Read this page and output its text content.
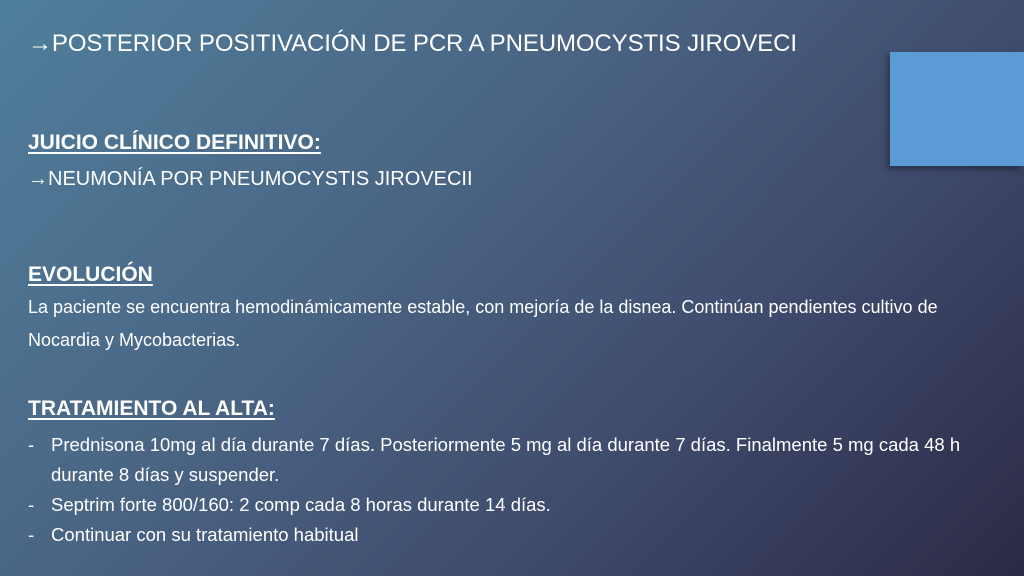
→POSTERIOR POSITIVACIÓN DE PCR A PNEUMOCYSTIS JIROVECI
JUICIO CLÍNICO DEFINITIVO:
→NEUMONÍA POR PNEUMOCYSTIS JIROVECII
EVOLUCIÓN
La paciente se encuentra hemodinámicamente estable, con mejoría de la disnea. Continúan pendientes cultivo de Nocardia y Mycobacterias.
TRATAMIENTO AL ALTA:
- Prednisona 10mg al día durante 7 días. Posteriormente 5 mg al día durante 7 días. Finalmente 5 mg cada 48 h durante 8 días y suspender.
- Septrim forte 800/160: 2 comp cada 8 horas durante 14 días.
- Continuar con su tratamiento habitual
